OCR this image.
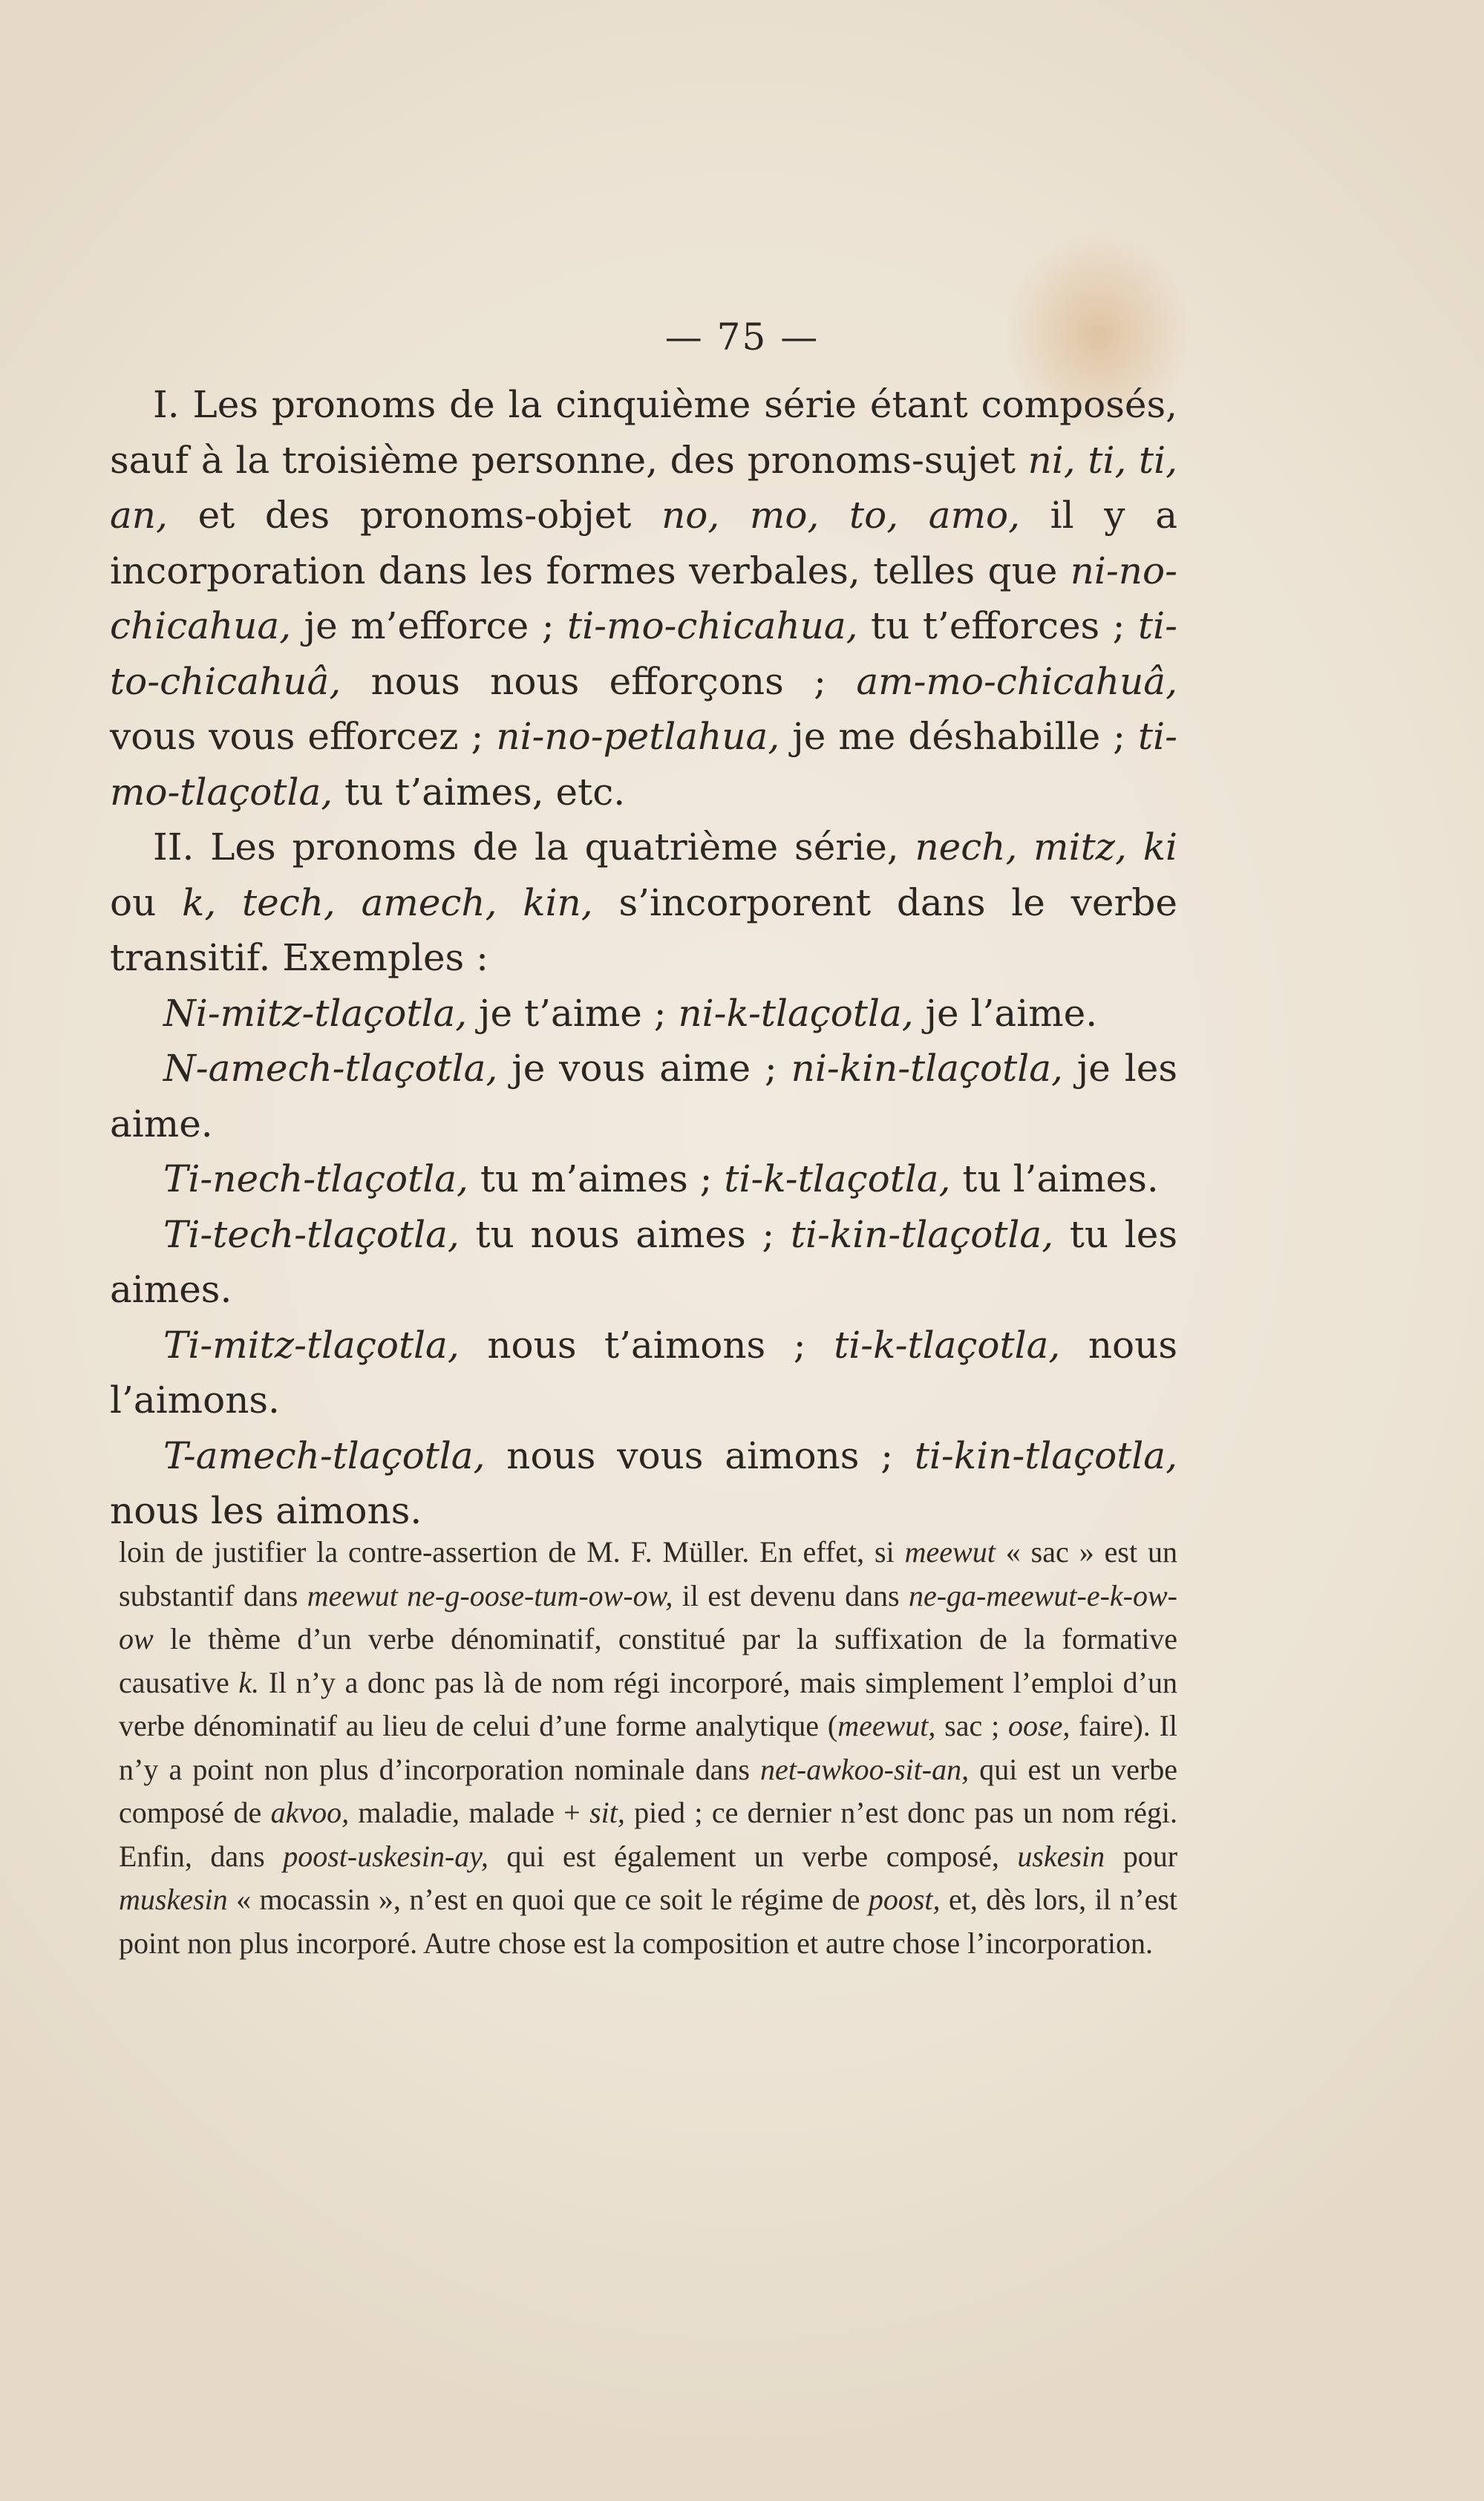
— 75 —

I. Les pronoms de la cinquième série étant composés, sauf à la troisième personne, des pronoms-sujet ni, ti, ti, an, et des pronoms-objet no, mo, to, amo, il y a incorporation dans les formes verbales, telles que ni-no-chicahua, je m’efforce ; ti-mo-chicahua, tu t’efforces ; ti-to-chicahuâ, nous nous efforçons ; am-mo-chicahuâ, vous vous efforcez ; ni-no-petlahua, je me déshabille ; ti-mo-tlaçotla, tu t’aimes, etc.

II. Les pronoms de la quatrième série, nech, mitz, ki ou k, tech, amech, kin, s’incorporent dans le verbe transitif. Exemples :

Ni-mitz-tlaçotla, je t’aime ; ni-k-tlaçotla, je l’aime.

N-amech-tlaçotla, je vous aime ; ni-kin-tlaçotla, je les aime.

Ti-nech-tlaçotla, tu m’aimes ; ti-k-tlaçotla, tu l’aimes.

Ti-tech-tlaçotla, tu nous aimes ; ti-kin-tlaçotla, tu les aimes.

Ti-mitz-tlaçotla, nous t’aimons ; ti-k-tlaçotla, nous l’aimons.

T-amech-tlaçotla, nous vous aimons ; ti-kin-tlaçotla, nous les aimons.

loin de justifier la contre-assertion de M. F. Müller. En effet, si meewut « sac » est un substantif dans meewut ne-g-oose-tum-ow-ow, il est devenu dans ne-ga-meewut-e-k-ow-ow le thème d’un verbe dénominatif, constitué par la suffixation de la formative causative k. Il n’y a donc pas là de nom régi incorporé, mais simplement l’emploi d’un verbe dénominatif au lieu de celui d’une forme analytique (meewut, sac ; oose, faire). Il n’y a point non plus d’incorporation nominale dans net-awkoo-sit-an, qui est un verbe composé de akvoo, maladie, malade + sit, pied ; ce dernier n’est donc pas un nom régi. Enfin, dans poost-uskesin-ay, qui est également un verbe composé, uskesin pour muskesin « mocassin », n’est en quoi que ce soit le régime de poost, et, dès lors, il n’est point non plus incorporé. Autre chose est la composition et autre chose l’incorporation.
